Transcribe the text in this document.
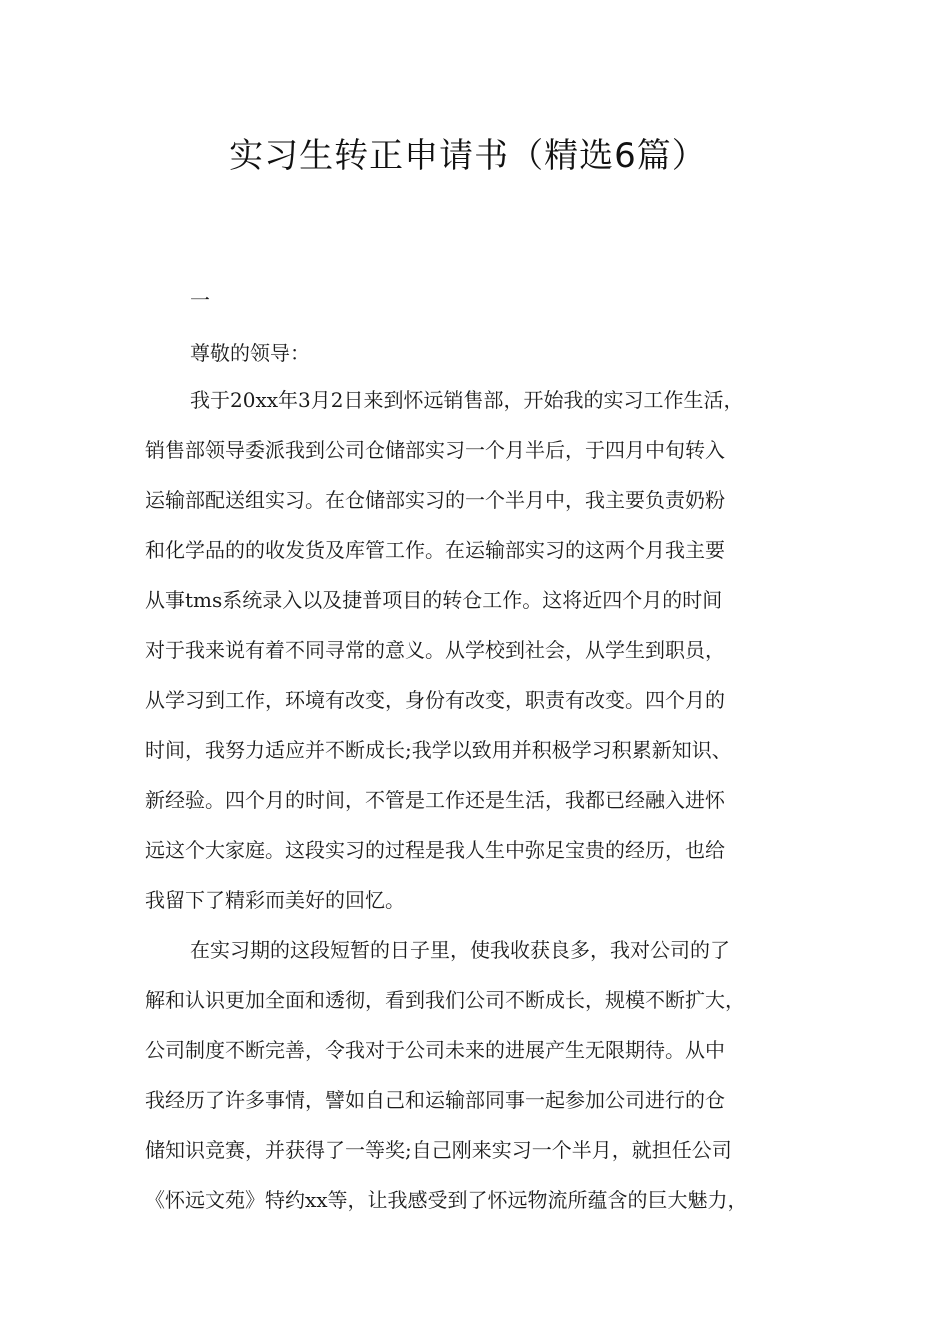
实习生转正申请书（精选6篇）
一
尊敬的领导：

我于20xx年3月2日来到怀远销售部，开始我的实习工作生活，

销售部领导委派我到公司仓储部实习一个月半后，于四月中旬转入

运输部配送组实习。在仓储部实习的一个半月中，我主要负责奶粉

和化学品的的收发货及库管工作。在运输部实习的这两个月我主要

从事tms系统录入以及捷普项目的转仓工作。这将近四个月的时间

对于我来说有着不同寻常的意义。从学校到社会，从学生到职员，

从学习到工作，环境有改变，身份有改变，职责有改变。四个月的

时间，我努力适应并不断成长;我学以致用并积极学习积累新知识、

新经验。四个月的时间，不管是工作还是生活，我都已经融入进怀

远这个大家庭。这段实习的过程是我人生中弥足宝贵的经历，也给

我留下了精彩而美好的回忆。

在实习期的这段短暂的日子里，使我收获良多，我对公司的了

解和认识更加全面和透彻，看到我们公司不断成长，规模不断扩大，

公司制度不断完善，令我对于公司未来的进展产生无限期待。从中

我经历了许多事情，譬如自己和运输部同事一起参加公司进行的仓

储知识竞赛，并获得了一等奖;自己刚来实习一个半月，就担任公司

《怀远文苑》特约xx等，让我感受到了怀远物流所蕴含的巨大魅力，
